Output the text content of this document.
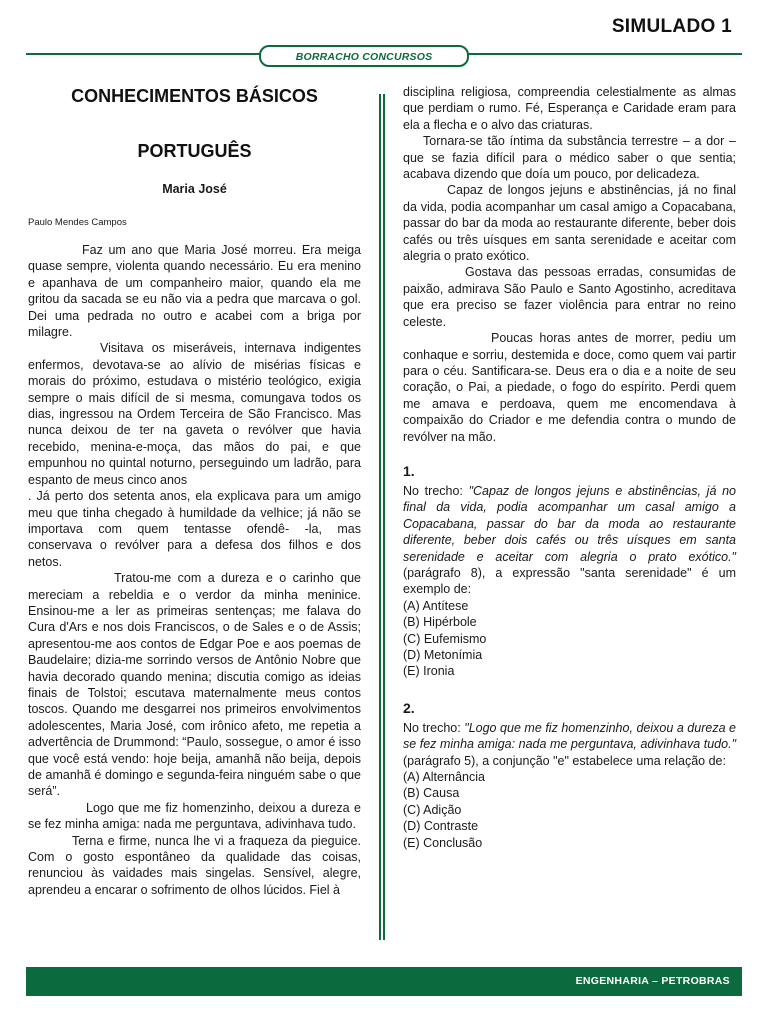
SIMULADO 1
BORRACHO CONCURSOS
CONHECIMENTOS BÁSICOS
PORTUGUÊS
Maria José
Paulo Mendes Campos

Faz um ano que Maria José morreu. Era meiga quase sempre, violenta quando necessário. Eu era menino e apanhava de um companheiro maior, quando ela me gritou da sacada se eu não via a pedra que marcava o gol. Dei uma pedrada no outro e acabei com a briga por milagre.

Visitava os miseráveis, internava indigentes enfermos, devotava-se ao alívio de misérias físicas e morais do próximo, estudava o mistério teológico, exigia sempre o mais difícil de si mesma, comungava todos os dias, ingressou na Ordem Terceira de São Francisco. Mas nunca deixou de ter na gaveta o revólver que havia recebido, menina-e-moça, das mãos do pai, e que empunhou no quintal noturno, perseguindo um ladrão, para espanto de meus cinco anos

. Já perto dos setenta anos, ela explicava para um amigo meu que tinha chegado à humildade da velhice; já não se importava com quem tentasse ofendê- -la, mas conservava o revólver para a defesa dos filhos e dos netos.

Tratou-me com a dureza e o carinho que mereciam a rebeldia e o verdor da minha meninice. Ensinou-me a ler as primeiras sentenças; me falava do Cura d'Ars e nos dois Franciscos, o de Sales e o de Assis; apresentou-me aos contos de Edgar Poe e aos poemas de Baudelaire; dizia-me sorrindo versos de Antônio Nobre que havia decorado quando menina; discutia comigo as ideias finais de Tolstoi; escutava maternalmente meus contos toscos. Quando me desgarrei nos primeiros envolvimentos adolescentes, Maria José, com irônico afeto, me repetia a advertência de Drummond: “Paulo, sossegue, o amor é isso que você está vendo: hoje beija, amanhã não beija, depois de amanhã é domingo e segunda-feira ninguém sabe o que será”.

Logo que me fiz homenzinho, deixou a dureza e se fez minha amiga: nada me perguntava, adivinhava tudo.

Terna e firme, nunca lhe vi a fraqueza da pieguice. Com o gosto espontâneo da qualidade das coisas, renunciou às vaidades mais singelas. Sensível, alegre, aprendeu a encarar o sofrimento de olhos lúcidos. Fiel à

disciplina religiosa, compreendia celestialmente as almas que perdiam o rumo. Fé, Esperança e Caridade eram para ela a flecha e o alvo das criaturas.

Tornara-se tão íntima da substância terrestre – a dor – que se fazia difícil para o médico saber o que sentia; acabava dizendo que doía um pouco, por delicadeza.

Capaz de longos jejuns e abstinências, já no final da vida, podia acompanhar um casal amigo a Copacabana, passar do bar da moda ao restaurante diferente, beber dois cafés ou três uísques em santa serenidade e aceitar com alegria o prato exótico.

Gostava das pessoas erradas, consumidas de paixão, admirava São Paulo e Santo Agostinho, acreditava que era preciso se fazer violência para entrar no reino celeste.

Poucas horas antes de morrer, pediu um conhaque e sorriu, destemida e doce, como quem vai partir para o céu. Santificara-se. Deus era o dia e a noite de seu coração, o Pai, a piedade, o fogo do espírito. Perdi quem me amava e perdoava, quem me encomendava à compaixão do Criador e me defendia contra o mundo de revólver na mão.

1.

No trecho: "Capaz de longos jejuns e abstinências, já no final da vida, podia acompanhar um casal amigo a Copacabana, passar do bar da moda ao restaurante diferente, beber dois cafés ou três uísques em santa serenidade e aceitar com alegria o prato exótico." (parágrafo 8), a expressão "santa serenidade" é um exemplo de:

(A) Antítese
(B) Hipérbole
(C) Eufemismo
(D) Metonímia
(E) Ironia
2.

No trecho: "Logo que me fiz homenzinho, deixou a dureza e se fez minha amiga: nada me perguntava, adivinhava tudo." (parágrafo 5), a conjunção "e" estabelece uma relação de:

(A) Alternância
(B) Causa
(C) Adição
(D) Contraste
(E) Conclusão
ENGENHARIA – PETROBRAS
